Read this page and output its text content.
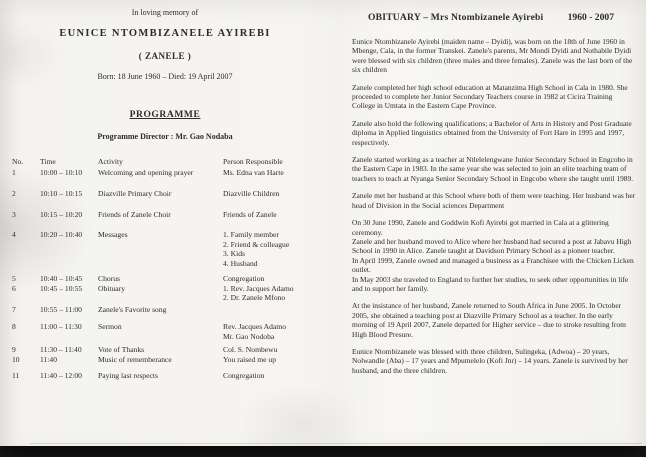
In loving memory of
EUNICE NTOMBIZANELE AYIREBI
( ZANELE )
Born: 18 June 1960 – Died: 19 April 2007
PROGRAMME
Programme Director : Mr. Gao Nodaba
No.	Time	Activity	Person Responsible
1	10:00 – 10:10	Welcoming and opening prayer	Ms. Edna van Harte
2	10:10 – 10:15	Diazville Primary Choir	Diazville Children
3	10:15 – 10:20	Friends of Zanele Choir	Friends of Zanele
4	10:20 – 10:40	Messages	1. Family member
2. Friend & colleague
3. Kids
4. Husband
5	10:40 – 10:45	Chorus	Congregation
6	10:45 – 10:55	Obituary	1. Rev. Jacques Adamo
2. Dr. Zanele Mfono
7	10:55 – 11:00	Zanele's Favorite song
8	11:00 – 11:30	Sermon	Rev. Jacques Adamo
Mr. Gao Nodoba
9	11:30 – 11:40	Vote of Thanks	Col. S. Nombewu
10	11:40	Music of rememberance	You raised me up
11	11:40 – 12:00	Paying last respects	Congregation
OBITUARY – Mrs Ntombizanele Ayirebi	1960 - 2007

Eunice Ntombizanele Ayirebi (maiden name – Dyidi), was born on the 18th of June 1960 in Mbenge, Cala, in the former Transkei. Zanele's parents, Mr Mondi Dyidi and Nothabile Dyidi were blessed with six children (three males and three females). Zanele was the last born of the six children

Zanele completed her high school education at Matanzima High School in Cala in 1980. She proceeded to complete her Junior Secondary Teachers course in 1982 at Cicira Training College in Umtata in the Eastern Cape Province.

Zanele also hold the following qualifications; a Bachelor of Arts in History and Post Graduate diploma in Applied linguistics obtained from the University of Fort Hare in 1995 and 1997, respectively.

Zanele started working as a teacher at Ntlelelengwane Junior Secondary School in Engcobo in the Eastern Cape in 1983. In the same year she was selected to join an elite teaching team of teachers to teach at Nyanga Senior Secondary School in Engcobo where she taught until 1989.

Zanele met her husband at this School where both of them were teaching. Her husband was her head of Division in the Social sciences Department

On 30 June 1990, Zanele and Goddwin Kofi Ayirebi got married in Cala at a glittering ceremony.

Zanele and her husband moved to Alice where her husband had secured a post at Jabavu High School in 1990 in Alice. Zanele taught at Davidson Primary School as a pioneer teacher.

In April 1999, Zanele owned and managed a business as a Franchisee with the Chicken Licken outlet.

In May 2003 she traveled to England to further her studies, to seek other opportunities in life and to support her family.

At the insistance of her husband, Zanele returned to South Africa in June 2005. In October 2005, she obtained a teaching post at Diazville Primary School as a teacher. In the early morning of 19 April 2007, Zanele departed for Higher service – due to stroke resulting from High Blood Presure.

Eunice Ntombizanele was blessed with three children, Sulingeka, (Adwoa) – 20 years, Nolwandle (Aba) – 17 years and Mpumelelo (Kofi Jnr) – 14 years. Zanele is survived by her husband, and the three children.
